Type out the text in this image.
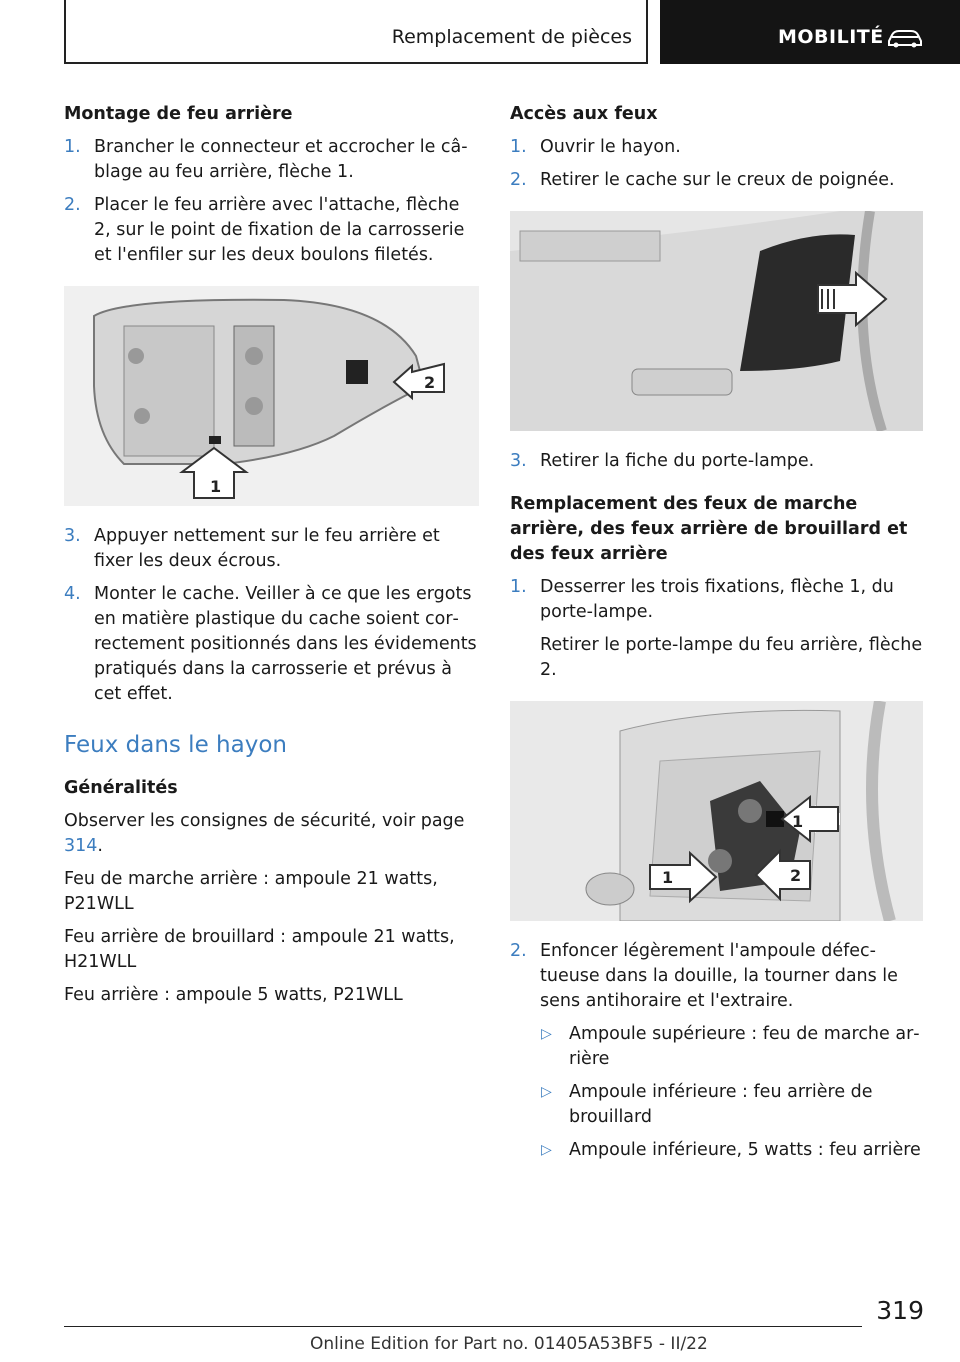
Remplacement de pièces	MOBILITÉ
Montage de feu arrière
1. Brancher le connecteur et accrocher le câblage au feu arrière, flèche 1.
2. Placer le feu arrière avec l'attache, flèche 2, sur le point de fixation de la carrosserie et l'enfiler sur les deux boulons filetés.
2
1
3. Appuyer nettement sur le feu arrière et fixer les deux écrous.
4. Monter le cache. Veiller à ce que les ergots en matière plastique du cache soient correctement positionnés dans les évidements pratiqués dans la carrosserie et prévus à cet effet.
Feux dans le hayon
Généralités

Observer les consignes de sécurité, voir page 314.

Feu de marche arrière : ampoule 21 watts, P21WLL

Feu arrière de brouillard : ampoule 21 watts, H21WLL

Feu arrière : ampoule 5 watts, P21WLL

Accès aux feux
1. Ouvrir le hayon.
2. Retirer le cache sur le creux de poignée.
3. Retirer la fiche du porte-lampe.
Remplacement des feux de marche arrière, des feux arrière de brouillard et des feux arrière
1. Desserrer les trois fixations, flèche 1, du porte-lampe.
Retirer le porte-lampe du feu arrière, flèche 2.
1
1	2
2. Enfoncer légèrement l'ampoule défectueuse dans la douille, la tourner dans le sens antihoraire et l'extraire.
▷ Ampoule supérieure : feu de marche arrière
▷ Ampoule inférieure : feu arrière de brouillard
▷ Ampoule inférieure, 5 watts : feu arrière
319
Online Edition for Part no. 01405A53BF5 - II/22
